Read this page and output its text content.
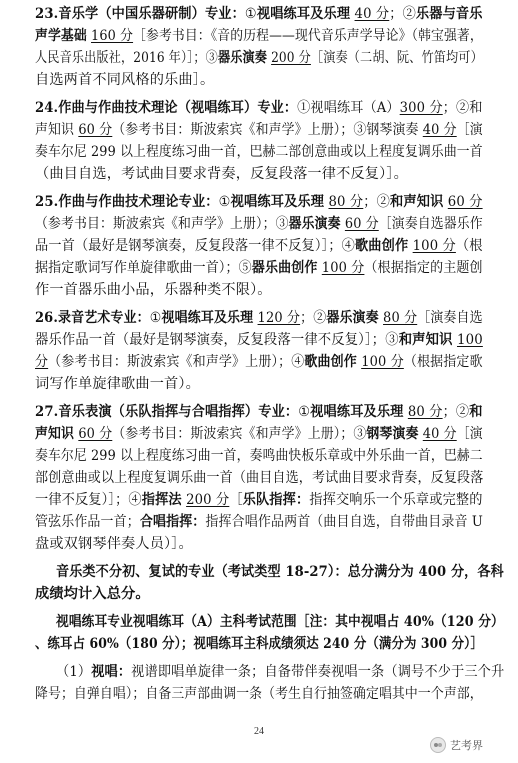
23.音乐学（中国乐器研制）专业：①视唱练耳及乐理 40 分；②乐器与音乐
声学基础 160 分［参考书目：《音的历程——现代音乐声学导论》（韩宝强著，
人民音乐出版社，2016 年）］；③器乐演奏 200 分［演奏（二胡、阮、竹笛均可）
自选两首不同风格的乐曲］。
24.作曲与作曲技术理论（视唱练耳）专业：①视唱练耳（A）300 分；②和
声知识 60 分（参考书目：斯波索宾《和声学》上册）；③钢琴演奏 40 分［演
奏车尔尼 299 以上程度练习曲一首，巴赫二部创意曲或以上程度复调乐曲一首
（曲目自选，考试曲目要求背奏，反复段落一律不反复）］。
25.作曲与作曲技术理论专业：①视唱练耳及乐理 80 分；②和声知识 60 分
（参考书目：斯波索宾《和声学》上册）；③器乐演奏 60 分［演奏自选器乐作
品一首（最好是钢琴演奏，反复段落一律不反复）］；④歌曲创作 100 分（根
据指定歌词写作单旋律歌曲一首）；⑤器乐曲创作 100 分（根据指定的主题创
作一首器乐曲小品，乐器种类不限）。
26.录音艺术专业：①视唱练耳及乐理 120 分；②器乐演奏 80 分［演奏自选
器乐作品一首（最好是钢琴演奏，反复段落一律不反复）］；③和声知识 100
分（参考书目：斯波索宾《和声学》上册）；④歌曲创作 100 分（根据指定歌
词写作单旋律歌曲一首）。
27.音乐表演（乐队指挥与合唱指挥）专业：①视唱练耳及乐理 80 分；②和
声知识 60 分（参考书目：斯波索宾《和声学》上册）；③钢琴演奏 40 分［演
奏车尔尼 299 以上程度练习曲一首，奏鸣曲快板乐章或中外乐曲一首，巴赫二
部创意曲或以上程度复调乐曲一首（曲目自选，考试曲目要求背奏，反复段落
一律不反复）］；④指挥法 200 分［乐队指挥：指挥交响乐一个乐章或完整的
管弦乐作品一首；合唱指挥：指挥合唱作品两首（曲目自选，自带曲目录音 U
盘或双钢琴伴奏人员）］。
音乐类不分初、复试的专业（考试类型 18-27）：总分满分为 400 分，各科
成绩均计入总分。
视唱练耳专业视唱练耳（A）主科考试范围［注：其中视唱占 40%（120 分）
、练耳占 60%（180 分）；视唱练耳主科成绩须达 240 分（满分为 300 分）］
（1）视唱：视谱即唱单旋律一条；自备带伴奏视唱一条（调号不少于三个升
降号；自弹自唱）；自备三声部曲调一条（考生自行抽签确定唱其中一个声部，
24
艺考界
